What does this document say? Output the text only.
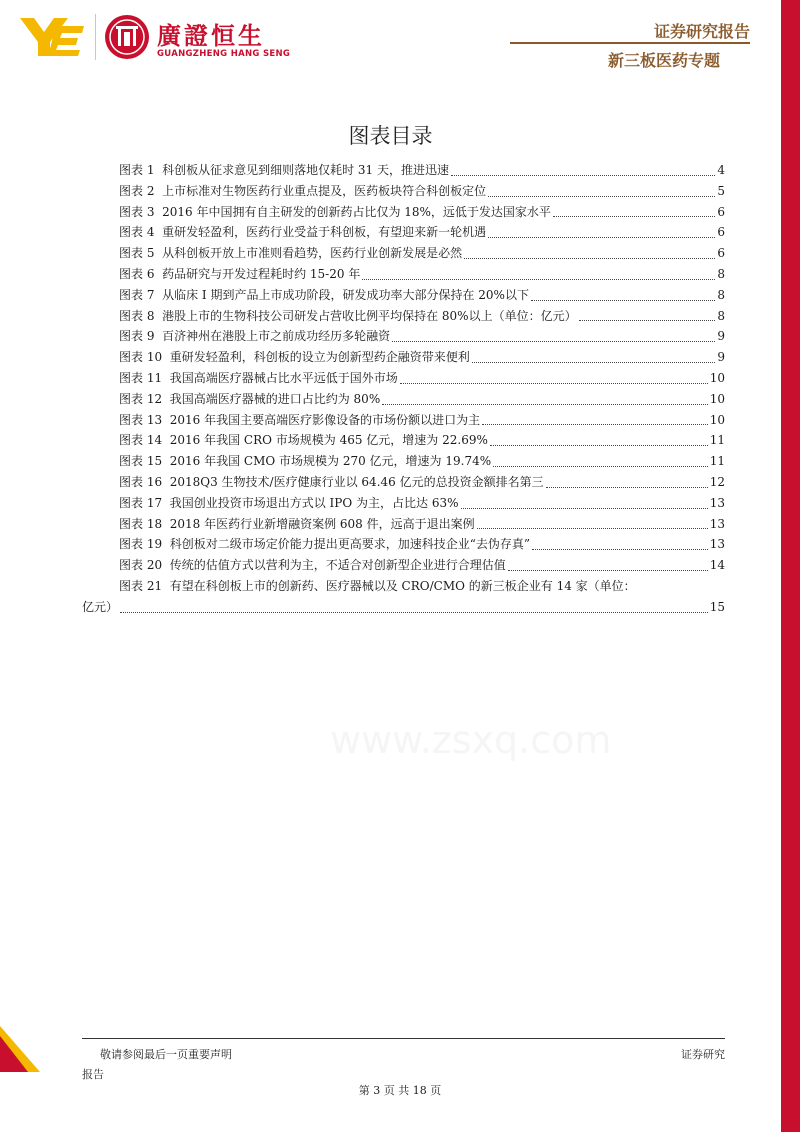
廣證恒生
GUANGZHENG HANG SENG
证券研究报告
新三板医药专题
图表目录
图表 1 科创板从征求意见到细则落地仅耗时 31 天，推进迅速	4
图表 2 上市标准对生物医药行业重点提及，医药板块符合科创板定位	5
图表 3 2016 年中国拥有自主研发的创新药占比仅为 18%，远低于发达国家水平	6
图表 4 重研发轻盈利，医药行业受益于科创板，有望迎来新一轮机遇	6
图表 5 从科创板开放上市准则看趋势，医药行业创新发展是必然	6
图表 6 药品研究与开发过程耗时约 15-20 年	8
图表 7 从临床 I 期到产品上市成功阶段，研发成功率大部分保持在 20%以下	8
图表 8 港股上市的生物科技公司研发占营收比例平均保持在 80%以上（单位：亿元）	8
图表 9 百济神州在港股上市之前成功经历多轮融资	9
图表 10 重研发轻盈利，科创板的设立为创新型药企融资带来便利	9
图表 11 我国高端医疗器械占比水平远低于国外市场	10
图表 12 我国高端医疗器械的进口占比约为 80%	10
图表 13 2016 年我国主要高端医疗影像设备的市场份额以进口为主	10
图表 14 2016 年我国 CRO 市场规模为 465 亿元，增速为 22.69%	11
图表 15 2016 年我国 CMO 市场规模为 270 亿元，增速为 19.74%	11
图表 16 2018Q3 生物技术/医疗健康行业以 64.46 亿元的总投资金额排名第三	12
图表 17 我国创业投资市场退出方式以 IPO 为主，占比达 63%	13
图表 18 2018 年医药行业新增融资案例 608 件，远高于退出案例	13
图表 19 科创板对二级市场定价能力提出更高要求，加速科技企业“去伪存真”	13
图表 20 传统的估值方式以营利为主，不适合对创新型企业进行合理估值	14
图表 21 有望在科创板上市的创新药、医疗器械以及 CRO/CMO 的新三板企业有 14 家（单位：
亿元）	15
www.zsxq.com
敬请参阅最后一页重要声明	证券研究
报告
第 3 页 共 18 页
